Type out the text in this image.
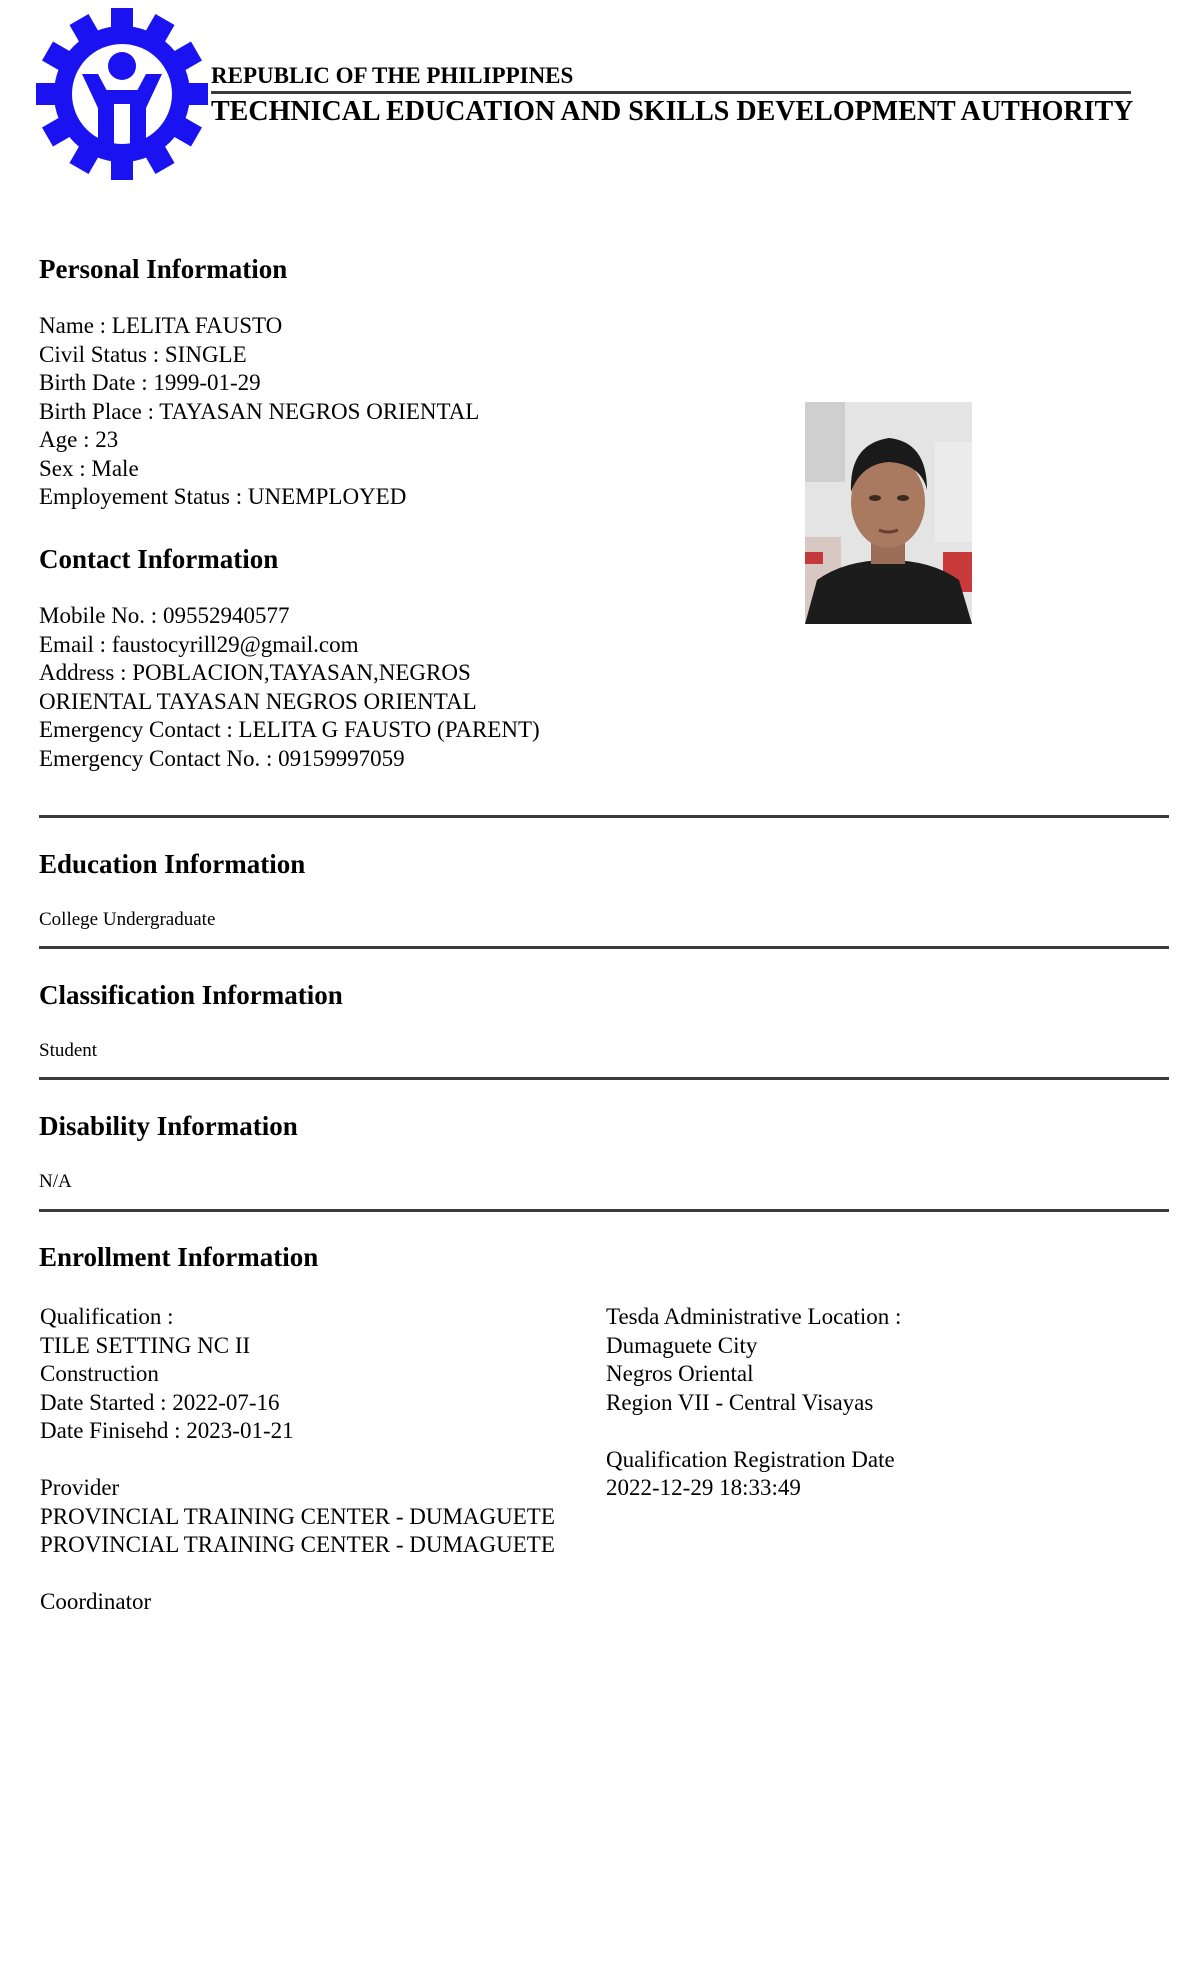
REPUBLIC OF THE PHILIPPINES
TECHNICAL EDUCATION AND SKILLS DEVELOPMENT AUTHORITY
Personal Information
Name : LELITA FAUSTO
Civil Status : SINGLE
Birth Date : 1999-01-29
Birth Place : TAYASAN NEGROS ORIENTAL
Age : 23
Sex : Male
Employement Status : UNEMPLOYED
Contact Information
Mobile No. : 09552940577
Email : faustocyrill29@gmail.com
Address : POBLACION,TAYASAN,NEGROS
ORIENTAL TAYASAN NEGROS ORIENTAL
Emergency Contact : LELITA G FAUSTO (PARENT)
Emergency Contact No. : 09159997059
Education Information
College Undergraduate
Classification Information
Student
Disability Information
N/A
Enrollment Information
Qualification :
TILE SETTING NC II
Construction
Date Started : 2022-07-16
Date Finisehd : 2023-01-21
Provider
PROVINCIAL TRAINING CENTER - DUMAGUETE
PROVINCIAL TRAINING CENTER - DUMAGUETE
Coordinator
Tesda Administrative Location :
Dumaguete City
Negros Oriental
Region VII - Central Visayas
Qualification Registration Date
2022-12-29 18:33:49
